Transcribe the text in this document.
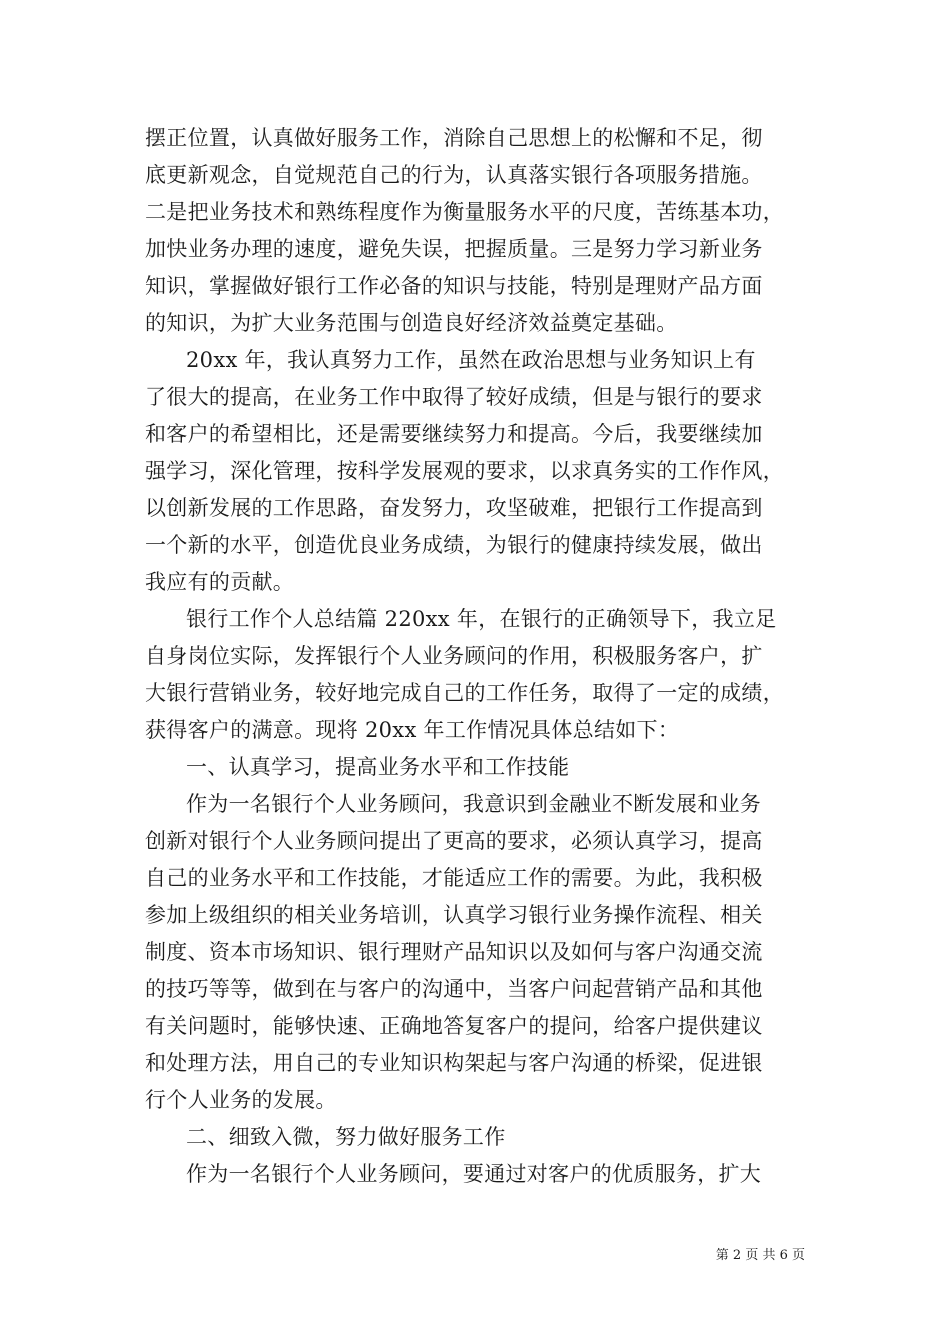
摆正位置，认真做好服务工作，消除自己思想上的松懈和不足，彻
底更新观念，自觉规范自己的行为，认真落实银行各项服务措施。
二是把业务技术和熟练程度作为衡量服务水平的尺度，苦练基本功，
加快业务办理的速度，避免失误，把握质量。三是努力学习新业务
知识，掌握做好银行工作必备的知识与技能，特别是理财产品方面
的知识，为扩大业务范围与创造良好经济效益奠定基础。
20xx 年，我认真努力工作，虽然在政治思想与业务知识上有
了很大的提高，在业务工作中取得了较好成绩，但是与银行的要求
和客户的希望相比，还是需要继续努力和提高。今后，我要继续加
强学习，深化管理，按科学发展观的要求，以求真务实的工作作风，
以创新发展的工作思路，奋发努力，攻坚破难，把银行工作提高到
一个新的水平，创造优良业务成绩，为银行的健康持续发展，做出
我应有的贡献。
银行工作个人总结篇 220xx 年，在银行的正确领导下，我立足
自身岗位实际，发挥银行个人业务顾问的作用，积极服务客户，扩
大银行营销业务，较好地完成自己的工作任务，取得了一定的成绩，
获得客户的满意。现将 20xx 年工作情况具体总结如下：
一、认真学习，提高业务水平和工作技能
作为一名银行个人业务顾问，我意识到金融业不断发展和业务
创新对银行个人业务顾问提出了更高的要求，必须认真学习，提高
自己的业务水平和工作技能，才能适应工作的需要。为此，我积极
参加上级组织的相关业务培训，认真学习银行业务操作流程、相关
制度、资本市场知识、银行理财产品知识以及如何与客户沟通交流
的技巧等等，做到在与客户的沟通中，当客户问起营销产品和其他
有关问题时，能够快速、正确地答复客户的提问，给客户提供建议
和处理方法，用自己的专业知识构架起与客户沟通的桥梁，促进银
行个人业务的发展。
二、细致入微，努力做好服务工作
作为一名银行个人业务顾问，要通过对客户的优质服务，扩大
第 2 页 共 6 页
